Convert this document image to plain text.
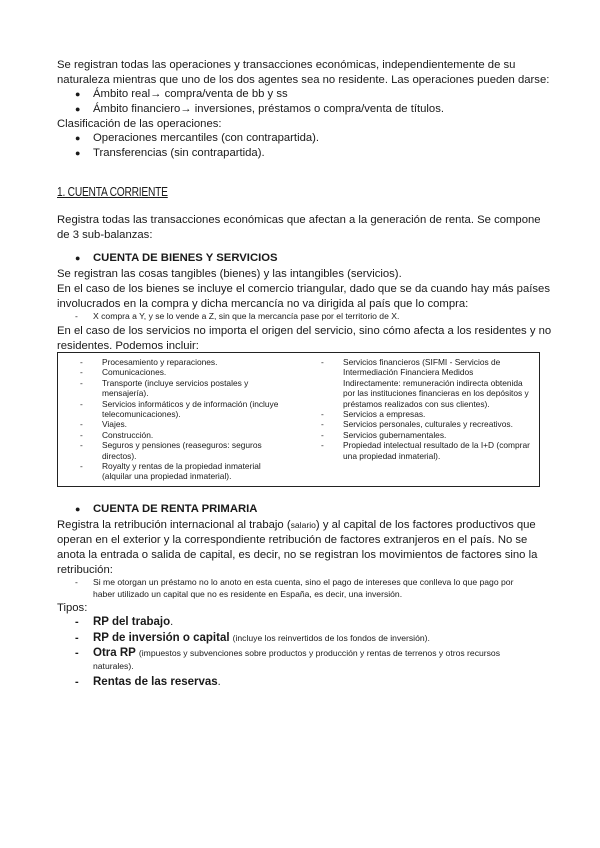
Se registran todas las operaciones y transacciones económicas, independientemente de su

naturaleza mientras que uno de los dos agentes sea no residente. Las operaciones pueden darse:

● Ámbito real→ compra/venta de bb y ss
● Ámbito financiero→ inversiones, préstamos o compra/venta de títulos.

Clasificación de las operaciones:

● Operaciones mercantiles (con contrapartida).
● Transferencias (sin contrapartida).
1. CUENTA CORRIENTE

Registra todas las transacciones económicas que afectan a la generación de renta. Se compone

de 3 sub-balanzas:

● CUENTA DE BIENES Y SERVICIOS

Se registran las cosas tangibles (bienes) y las intangibles (servicios).

En el caso de los bienes se incluye el comercio triangular, dado que se da cuando hay más países

involucrados en la compra y dicha mercancía no va dirigida al país que lo compra:

- X compra a Y, y se lo vende a Z, sin que la mercancía pase por el territorio de X.

En el caso de los servicios no importa el origen del servicio, sino cómo afecta a los residentes y no

residentes. Podemos incluir:

- Procesamiento y reparaciones.
- Comunicaciones.
- Transporte (incluye servicios postales y mensajería).
- Servicios informáticos y de información (incluye telecomunicaciones).
- Viajes.
- Construcción.
- Seguros y pensiones (reaseguros: seguros directos).
- Royalty y rentas de la propiedad inmaterial (alquilar una propiedad inmaterial).
- Servicios financieros (SIFMI - Servicios de Intermediación Financiera Medidos Indirectamente: remuneración indirecta obtenida por las instituciones financieras en los depósitos y préstamos realizados con sus clientes).
- Servicios a empresas.
- Servicios personales, culturales y recreativos.
- Servicios gubernamentales.
- Propiedad intelectual resultado de la I+D (comprar una propiedad inmaterial).
● CUENTA DE RENTA PRIMARIA

Registra la retribución internacional al trabajo (salario) y al capital de los factores productivos que

operan en el exterior y la correspondiente retribución de factores extranjeros en el país. No se

anota la entrada o salida de capital, es decir, no se registran los movimientos de factores sino la

retribución:

- Si me otorgan un préstamo no lo anoto en esta cuenta, sino el pago de intereses que conlleva lo que pago por
haber utilizado un capital que no es residente en España, es decir, una inversión.

Tipos:

- RP del trabajo.
- RP de inversión o capital (incluye los reinvertidos de los fondos de inversión).
- Otra RP (impuestos y subvenciones sobre productos y producción y rentas de terrenos y otros recursos
naturales).
- Rentas de las reservas.
